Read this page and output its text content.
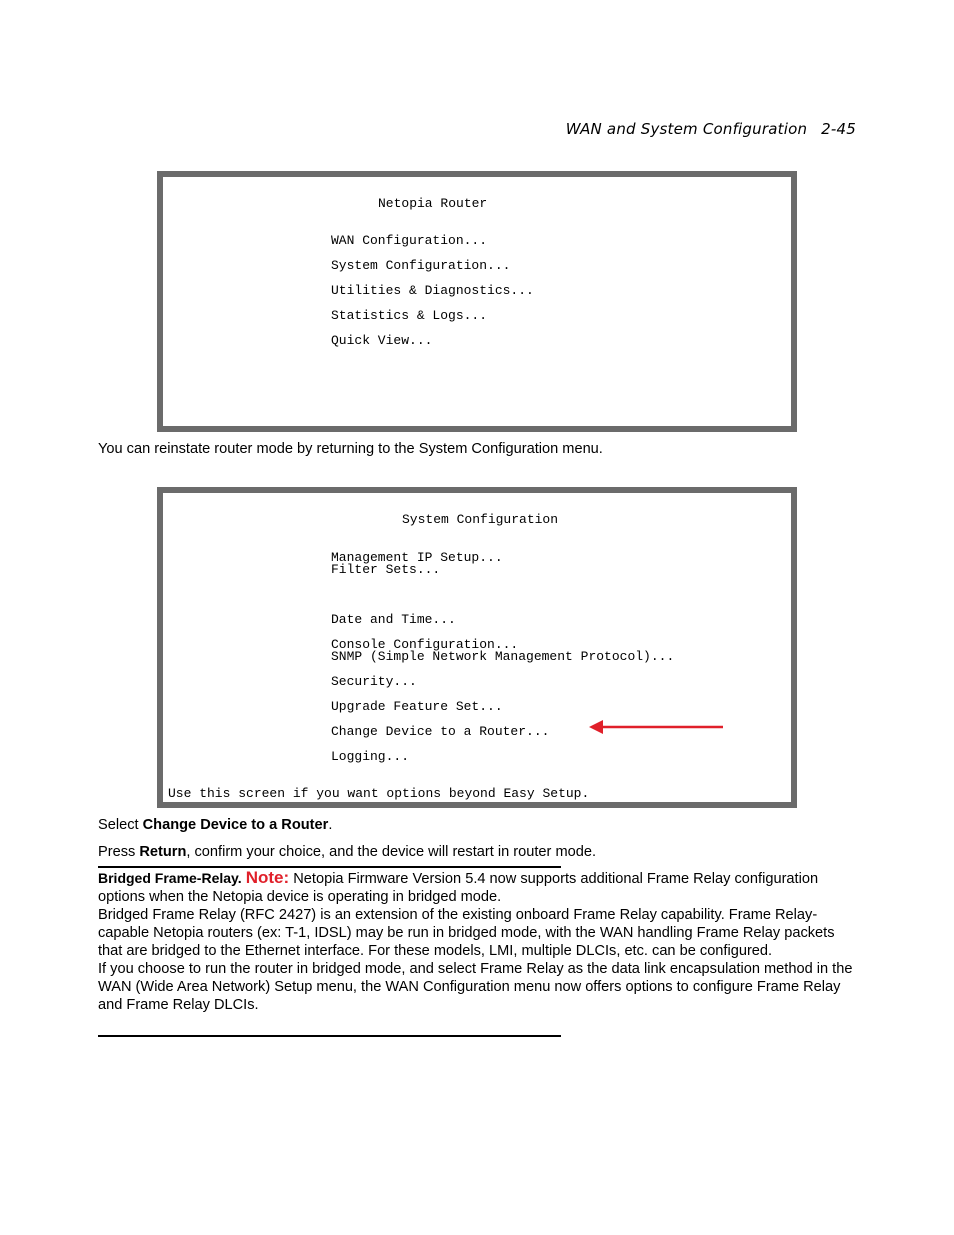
WAN and System Configuration 2-45
Netopia Router
WAN Configuration...
System Configuration...
Utilities & Diagnostics...
Statistics & Logs...
Quick View...
You can reinstate router mode by returning to the System Configuration menu.
System Configuration
Management IP Setup...
Filter Sets...
Date and Time...
Console Configuration...
SNMP (Simple Network Management Protocol)...
Security...
Upgrade Feature Set...
Change Device to a Router...
Logging...
Use this screen if you want options beyond Easy Setup.
Select Change Device to a Router.
Press Return, confirm your choice, and the device will restart in router mode.
Bridged Frame-Relay. Note: Netopia Firmware Version 5.4 now supports additional Frame Relay configuration options when the Netopia device is operating in bridged mode.
Bridged Frame Relay (RFC 2427) is an extension of the existing onboard Frame Relay capability. Frame Relay-capable Netopia routers (ex: T-1, IDSL) may be run in bridged mode, with the WAN handling Frame Relay packets that are bridged to the Ethernet interface. For these models, LMI, multiple DLCIs, etc. can be configured.
If you choose to run the router in bridged mode, and select Frame Relay as the data link encapsulation method in the WAN (Wide Area Network) Setup menu, the WAN Configuration menu now offers options to configure Frame Relay and Frame Relay DLCIs.
